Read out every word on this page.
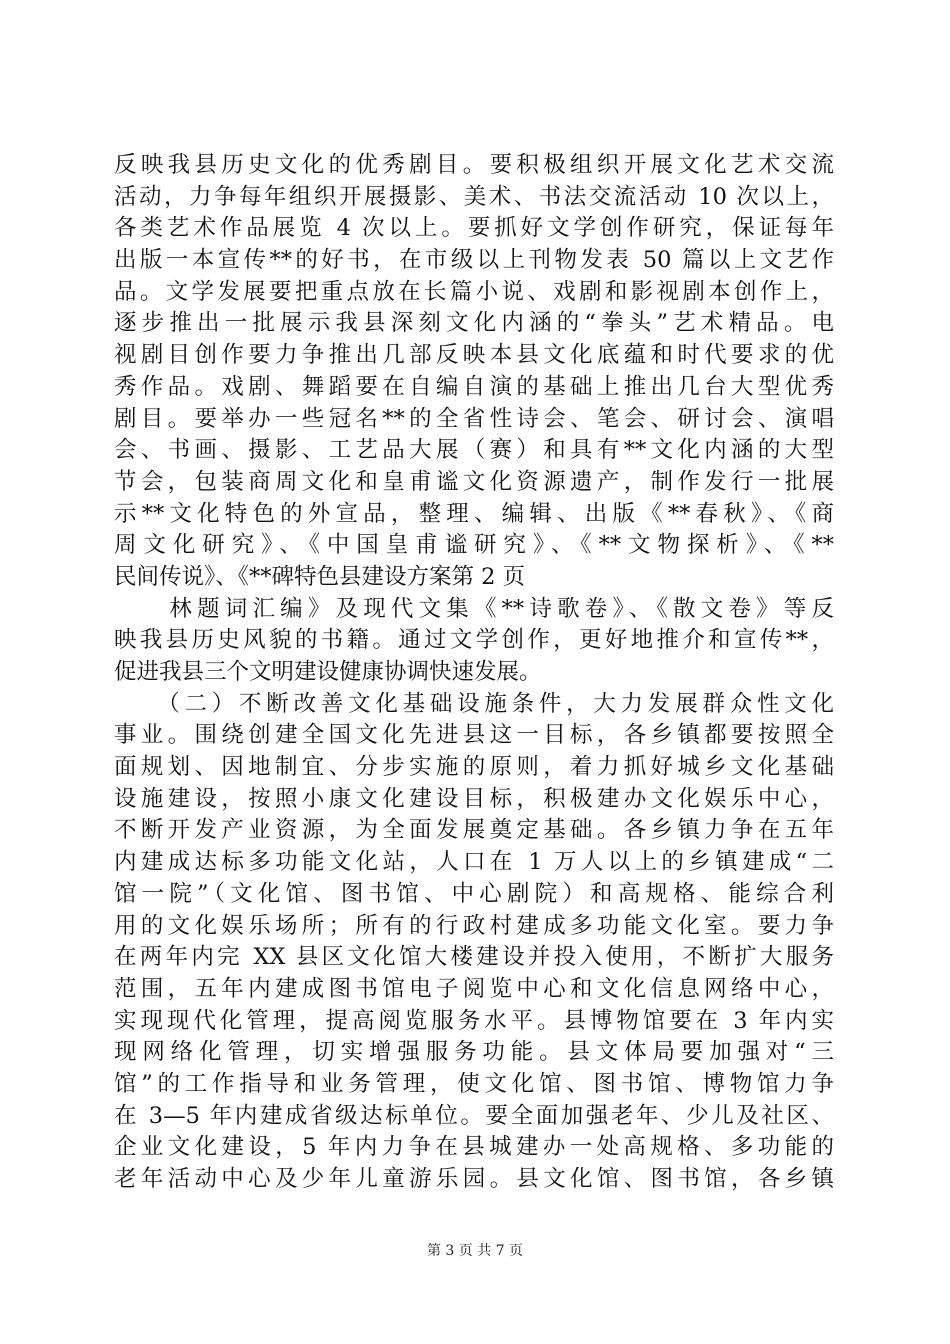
反映我县历史文化的优秀剧目。要积极组织开展文化艺术交流
活动，力争每年组织开展摄影、美术、书法交流活动 10 次以上，
各类艺术作品展览 4 次以上。要抓好文学创作研究，保证每年
出版一本宣传**的好书，在市级以上刊物发表 50 篇以上文艺作
品。文学发展要把重点放在长篇小说、戏剧和影视剧本创作上，
逐步推出一批展示我县深刻文化内涵的“拳头”艺术精品。电
视剧目创作要力争推出几部反映本县文化底蕴和时代要求的优
秀作品。戏剧、舞蹈要在自编自演的基础上推出几台大型优秀
剧目。要举办一些冠名**的全省性诗会、笔会、研讨会、演唱
会、书画、摄影、工艺品大展（赛）和具有**文化内涵的大型
节会，包装商周文化和皇甫谧文化资源遗产，制作发行一批展
示**文化特色的外宣品，整理、编辑、出版《**春秋》、《商
周文化研究》、《中国皇甫谧研究》、《**文物探析》、《**
民间传说》、《**碑特色县建设方案第 2 页
　　林题词汇编》及现代文集《**诗歌卷》、《散文卷》等反
映我县历史风貌的书籍。通过文学创作，更好地推介和宣传**，
促进我县三个文明建设健康协调快速发展。
　　（二）不断改善文化基础设施条件，大力发展群众性文化
事业。围绕创建全国文化先进县这一目标，各乡镇都要按照全
面规划、因地制宜、分步实施的原则，着力抓好城乡文化基础
设施建设，按照小康文化建设目标，积极建办文化娱乐中心，
不断开发产业资源，为全面发展奠定基础。各乡镇力争在五年
内建成达标多功能文化站，人口在 1 万人以上的乡镇建成“二
馆一院”（文化馆、图书馆、中心剧院）和高规格、能综合利
用的文化娱乐场所；所有的行政村建成多功能文化室。要力争
在两年内完 XX 县区文化馆大楼建设并投入使用，不断扩大服务
范围，五年内建成图书馆电子阅览中心和文化信息网络中心，
实现现代化管理，提高阅览服务水平。县博物馆要在 3 年内实
现网络化管理，切实增强服务功能。县文体局要加强对“三
馆”的工作指导和业务管理，使文化馆、图书馆、博物馆力争
在 3—5 年内建成省级达标单位。要全面加强老年、少儿及社区、
企业文化建设，5 年内力争在县城建办一处高规格、多功能的
老年活动中心及少年儿童游乐园。县文化馆、图书馆，各乡镇
第 3 页 共 7 页
